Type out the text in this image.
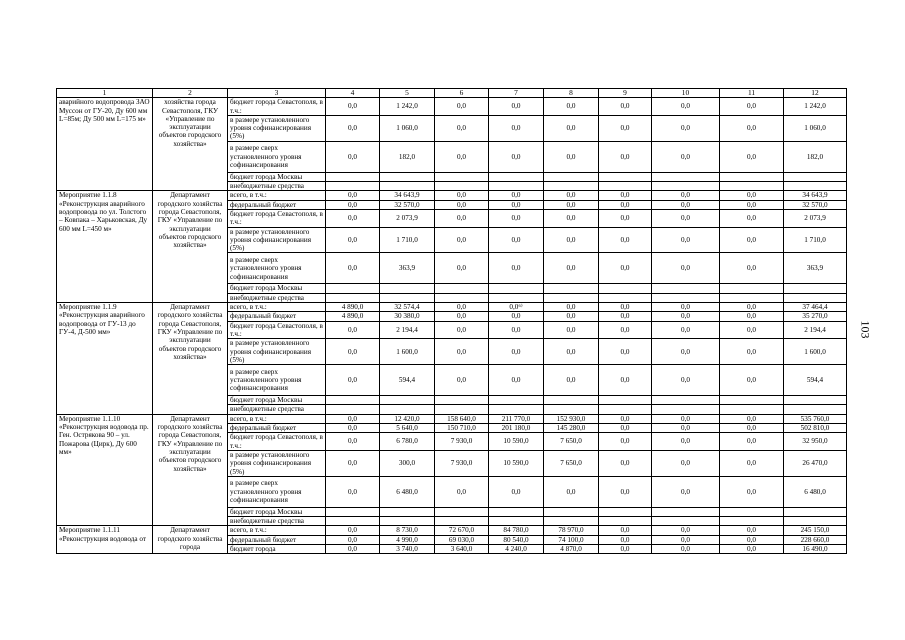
1	2	3	4	5	6	7	8	9	10	11	12
аварийного водопровода ЗАО Муссон от ГУ-20, Ду 600 мм L=85м; Ду 500 мм L=175 м»	хозяйства города Севастополя, ГКУ «Управление по эксплуатации объектов городского хозяйства»	бюджет города Севастополя, в т.ч.:	0,0	1 242,0	0,0	0,0	0,0	0,0	0,0	0,0	1 242,0
		в размере установленного уровня софинансирования (5%)	0,0	1 060,0	0,0	0,0	0,0	0,0	0,0	0,0	1 060,0
		в размере сверх установленного уровня софинансирования	0,0	182,0	0,0	0,0	0,0	0,0	0,0	0,0	182,0
		бюджет города Москвы									
		внебюджетные средства									
Мероприятие 1.1.8 «Реконструкция аварийного водопровода по ул. Толстого – Ковпака – Харьковская, Ду 600 мм L=450 м»	Департамент городского хозяйства города Севастополя, ГКУ «Управление по эксплуатации объектов городского хозяйства»	всего, в т.ч.:	0,0	34 643,9	0,0	0,0	0,0	0,0	0,0	0,0	34 643,9
		федеральный бюджет	0,0	32 570,0	0,0	0,0	0,0	0,0	0,0	0,0	32 570,0
		бюджет города Севастополя, в т.ч.:	0,0	2 073,9	0,0	0,0	0,0	0,0	0,0	0,0	2 073,9
		в размере установленного уровня софинансирования (5%)	0,0	1 710,0	0,0	0,0	0,0	0,0	0,0	0,0	1 710,0
		в размере сверх установленного уровня софинансирования	0,0	363,9	0,0	0,0	0,0	0,0	0,0	0,0	363,9
		бюджет города Москвы									
		внебюджетные средства									
Мероприятие 1.1.9 «Реконструкция аварийного водопровода от ГУ-13 до ГУ-4, Д-500 мм»	Департамент городского хозяйства города Севастополя, ГКУ «Управление по эксплуатации объектов городского хозяйства»	всего, в т.ч.:	4 890,0	32 574,4	0,0	0,0⁶⁾	0,0	0,0	0,0	0,0	37 464,4
		федеральный бюджет	4 890,0	30 380,0	0,0	0,0	0,0	0,0	0,0	0,0	35 270,0
		бюджет города Севастополя, в т.ч.:	0,0	2 194,4	0,0	0,0	0,0	0,0	0,0	0,0	2 194,4
		в размере установленного уровня софинансирования (5%)	0,0	1 600,0	0,0	0,0	0,0	0,0	0,0	0,0	1 600,0
		в размере сверх установленного уровня софинансирования	0,0	594,4	0,0	0,0	0,0	0,0	0,0	0,0	594,4
		бюджет города Москвы									
		внебюджетные средства									
Мероприятие 1.1.10 «Реконструкция водовода пр. Ген. Острякова 90 – ул. Пожарова (Цирк), Ду 600 мм»	Департамент городского хозяйства города Севастополя, ГКУ «Управление по эксплуатации объектов городского хозяйства»	всего, в т.ч.:	0,0	12 420,0	158 640,0	211 770,0	152 930,0	0,0	0,0	0,0	535 760,0
		федеральный бюджет	0,0	5 640,0	150 710,0	201 180,0	145 280,0	0,0	0,0	0,0	502 810,0
		бюджет города Севастополя, в т.ч.:	0,0	6 780,0	7 930,0	10 590,0	7 650,0	0,0	0,0	0,0	32 950,0
		в размере установленного уровня софинансирования (5%)	0,0	300,0	7 930,0	10 590,0	7 650,0	0,0	0,0	0,0	26 470,0
		в размере сверх установленного уровня софинансирования	0,0	6 480,0	0,0	0,0	0,0	0,0	0,0	0,0	6 480,0
		бюджет города Москвы									
		внебюджетные средства									
Мероприятие 1.1.11 «Реконструкция водовода от	Департамент городского хозяйства города	всего, в т.ч.:	0,0	8 730,0	72 670,0	84 780,0	78 970,0	0,0	0,0	0,0	245 150,0
		федеральный бюджет	0,0	4 990,0	69 030,0	80 540,0	74 100,0	0,0	0,0	0,0	228 660,0
		бюджет города	0,0	3 740,0	3 640,0	4 240,0	4 870,0	0,0	0,0	0,0	16 490,0
103
